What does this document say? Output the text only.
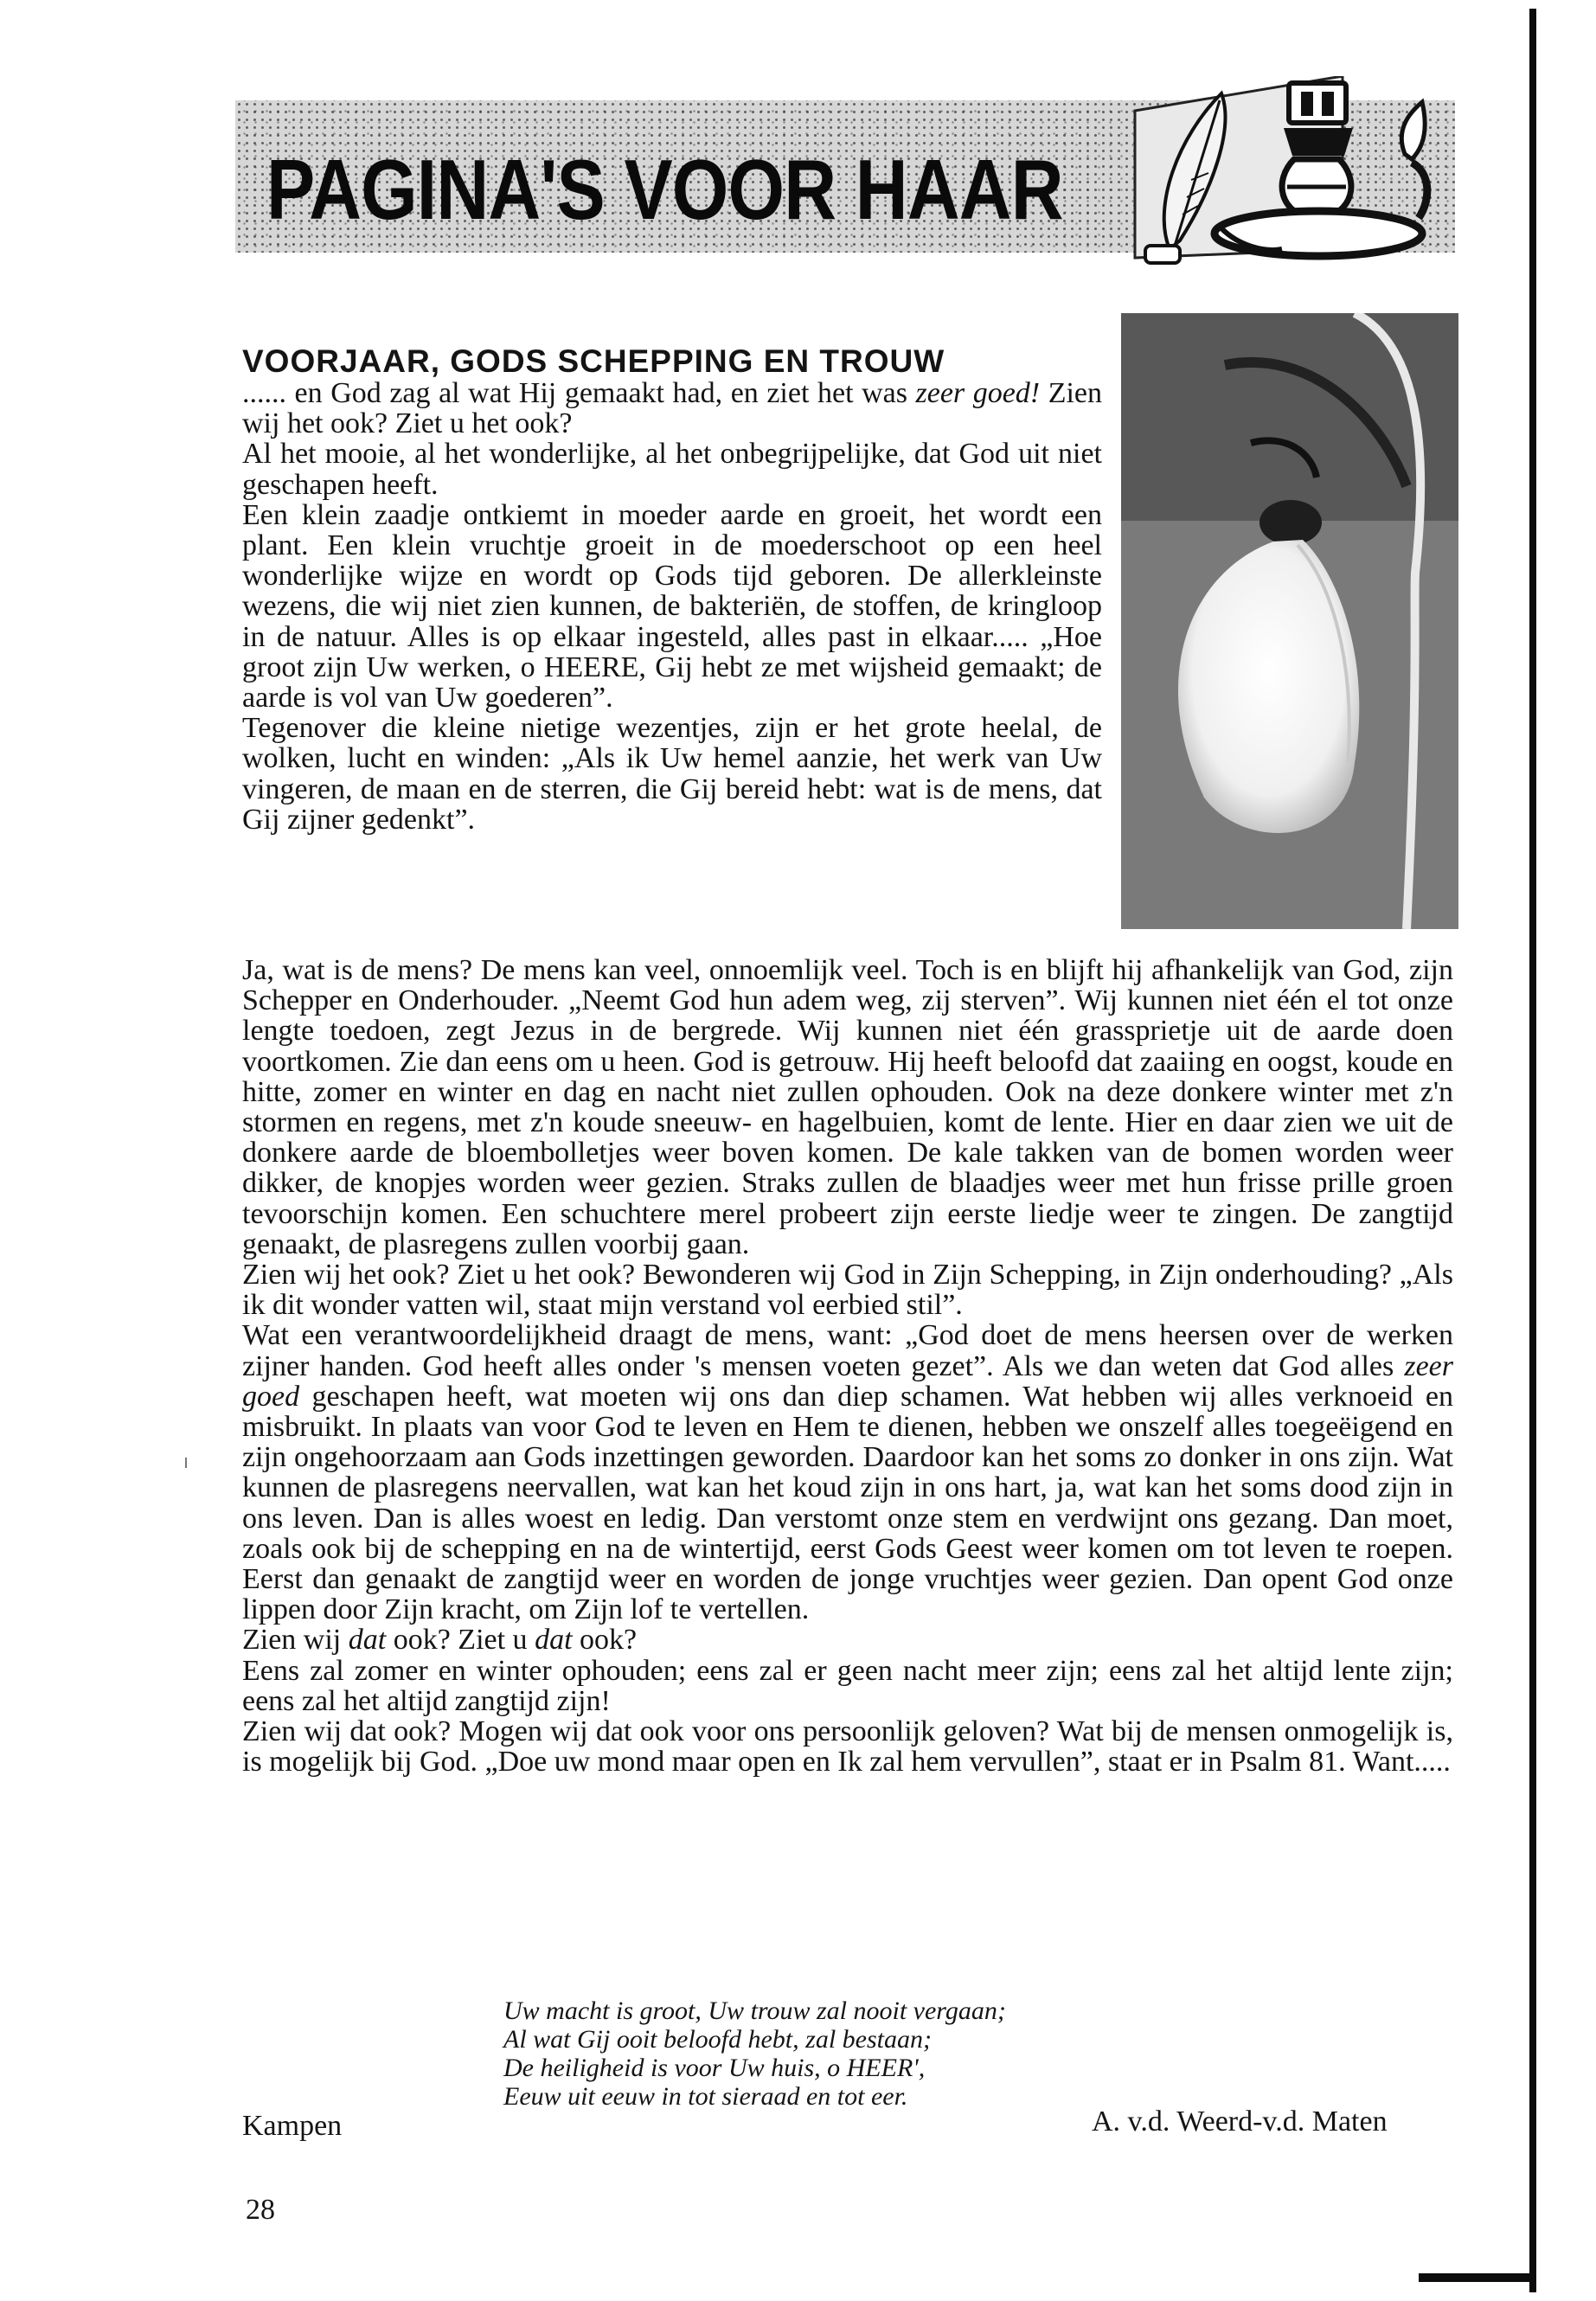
PAGINA'S VOOR HAAR
VOORJAAR, GODS SCHEPPING EN TROUW

...... en God zag al wat Hij gemaakt had, en ziet het was zeer goed! Zien wij het ook? Ziet u het ook?

Al het mooie, al het wonderlijke, al het onbegrijpelijke, dat God uit niet geschapen heeft.

Een klein zaadje ontkiemt in moeder aarde en groeit, het wordt een plant. Een klein vruchtje groeit in de moederschoot op een heel wonderlijke wijze en wordt op Gods tijd geboren. De allerkleinste wezens, die wij niet zien kunnen, de bakteriën, de stoffen, de kringloop in de natuur. Alles is op elkaar ingesteld, alles past in elkaar..... „Hoe groot zijn Uw werken, o HEERE, Gij hebt ze met wijsheid gemaakt; de aarde is vol van Uw goederen”.

Tegenover die kleine nietige wezentjes, zijn er het grote heelal, de wolken, lucht en winden: „Als ik Uw hemel aanzie, het werk van Uw vingeren, de maan en de sterren, die Gij bereid hebt: wat is de mens, dat Gij zijner gedenkt”.

Ja, wat is de mens? De mens kan veel, onnoemlijk veel. Toch is en blijft hij afhankelijk van God, zijn Schepper en Onderhouder. „Neemt God hun adem weg, zij sterven”. Wij kunnen niet één el tot onze lengte toedoen, zegt Jezus in de bergrede. Wij kunnen niet één grassprietje uit de aarde doen voortkomen. Zie dan eens om u heen. God is getrouw. Hij heeft beloofd dat zaaiing en oogst, koude en hitte, zomer en winter en dag en nacht niet zullen ophouden. Ook na deze donkere winter met z'n stormen en regens, met z'n koude sneeuw- en hagelbuien, komt de lente. Hier en daar zien we uit de donkere aarde de bloembolletjes weer boven komen. De kale takken van de bomen worden weer dikker, de knopjes worden weer gezien. Straks zullen de blaadjes weer met hun frisse prille groen tevoorschijn komen. Een schuchtere merel probeert zijn eerste liedje weer te zingen. De zangtijd genaakt, de plasregens zullen voorbij gaan.

Zien wij het ook? Ziet u het ook? Bewonderen wij God in Zijn Schepping, in Zijn onderhouding? „Als ik dit wonder vatten wil, staat mijn verstand vol eerbied stil”.

Wat een verantwoordelijkheid draagt de mens, want: „God doet de mens heersen over de werken zijner handen. God heeft alles onder 's mensen voeten gezet”. Als we dan weten dat God alles zeer goed geschapen heeft, wat moeten wij ons dan diep schamen. Wat hebben wij alles verknoeid en misbruikt. In plaats van voor God te leven en Hem te dienen, hebben we onszelf alles toegeëigend en zijn ongehoorzaam aan Gods inzettingen geworden. Daardoor kan het soms zo donker in ons zijn. Wat kunnen de plasregens neervallen, wat kan het koud zijn in ons hart, ja, wat kan het soms dood zijn in ons leven. Dan is alles woest en ledig. Dan verstomt onze stem en verdwijnt ons gezang. Dan moet, zoals ook bij de schepping en na de wintertijd, eerst Gods Geest weer komen om tot leven te roepen. Eerst dan genaakt de zangtijd weer en worden de jonge vruchtjes weer gezien. Dan opent God onze lippen door Zijn kracht, om Zijn lof te vertellen.

Zien wij dat ook? Ziet u dat ook?

Eens zal zomer en winter ophouden; eens zal er geen nacht meer zijn; eens zal het altijd lente zijn; eens zal het altijd zangtijd zijn!

Zien wij dat ook? Mogen wij dat ook voor ons persoonlijk geloven? Wat bij de mensen onmogelijk is, is mogelijk bij God. „Doe uw mond maar open en Ik zal hem vervullen”, staat er in Psalm 81. Want.....

Uw macht is groot, Uw trouw zal nooit vergaan;
Al wat Gij ooit beloofd hebt, zal bestaan;
De heiligheid is voor Uw huis, o HEER',
Eeuw uit eeuw in tot sieraad en tot eer.
Kampen	A. v.d. Weerd-v.d. Maten
28
